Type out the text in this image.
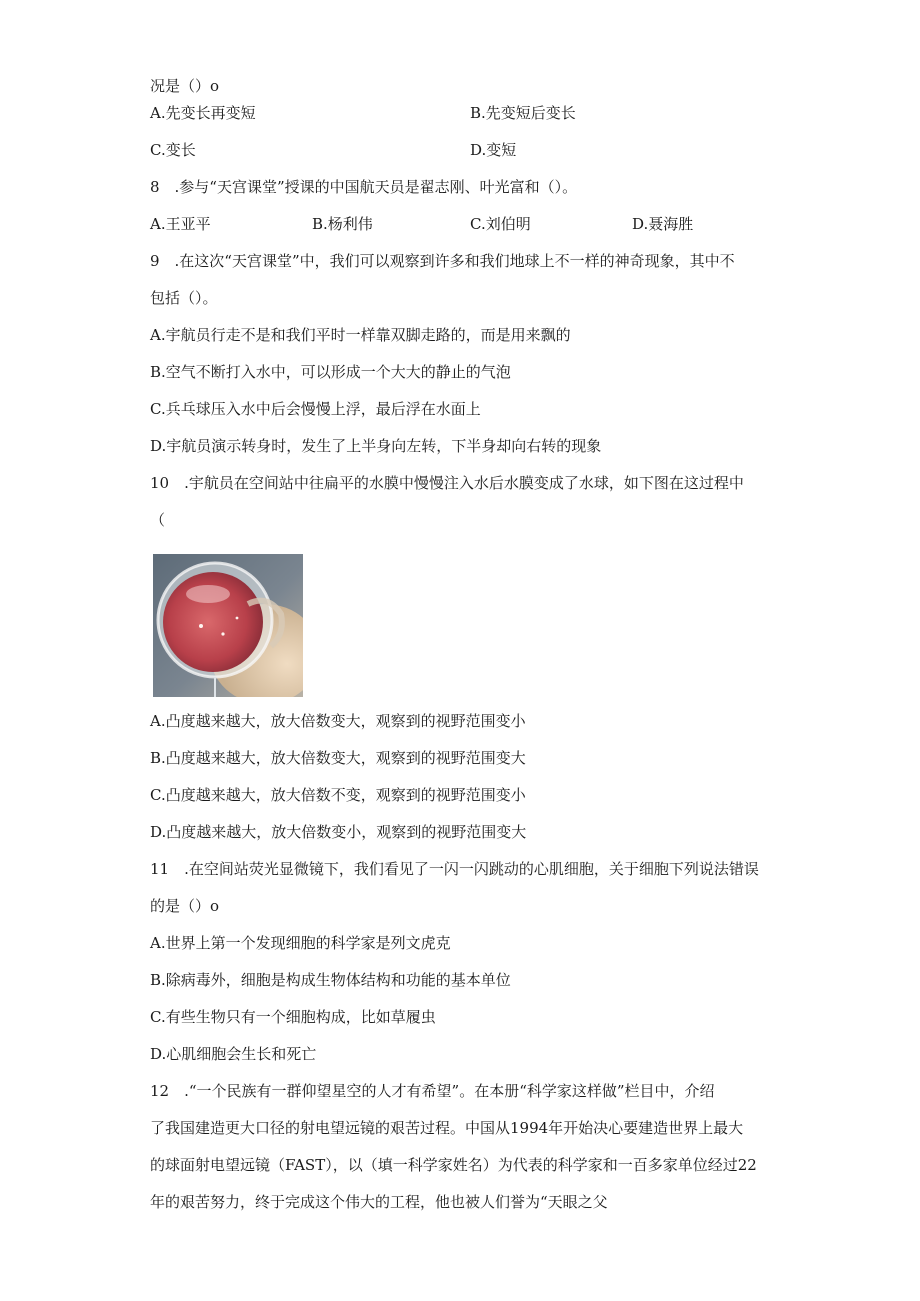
况是（）o
A.先变长再变短	B.先变短后变长
C.变长	D.变短
8　.参与“天宫课堂”授课的中国航天员是翟志刚、叶光富和（）。
A.王亚平	B.杨利伟	C.刘伯明	D.聂海胜
9　.在这次“天宫课堂”中，我们可以观察到许多和我们地球上不一样的神奇现象，其中不
包括（）。
A.宇航员行走不是和我们平时一样靠双脚走路的，而是用来飘的
B.空气不断打入水中，可以形成一个大大的静止的气泡
C.兵乓球压入水中后会慢慢上浮，最后浮在水面上
D.宇航员演示转身时，发生了上半身向左转，下半身却向右转的现象
10　.宇航员在空间站中往扁平的水膜中慢慢注入水后水膜变成了水球，如下图在这过程中
（
A.凸度越来越大，放大倍数变大，观察到的视野范围变小
B.凸度越来越大，放大倍数变大，观察到的视野范围变大
C.凸度越来越大，放大倍数不变，观察到的视野范围变小
D.凸度越来越大，放大倍数变小，观察到的视野范围变大
11　.在空间站荧光显微镜下，我们看见了一闪一闪跳动的心肌细胞，关于细胞下列说法错误
的是（）o
A.世界上第一个发现细胞的科学家是列文虎克
B.除病毒外，细胞是构成生物体结构和功能的基本单位
C.有些生物只有一个细胞构成，比如草履虫
D.心肌细胞会生长和死亡
12　.“一个民族有一群仰望星空的人才有希望”。在本册“科学家这样做”栏目中，介绍
了我国建造更大口径的射电望远镜的艰苦过程。中国从1994年开始决心要建造世界上最大
的球面射电望远镜（FAST），以（填一科学家姓名）为代表的科学家和一百多家单位经过22
年的艰苦努力，终于完成这个伟大的工程，他也被人们誉为“天眼之父
